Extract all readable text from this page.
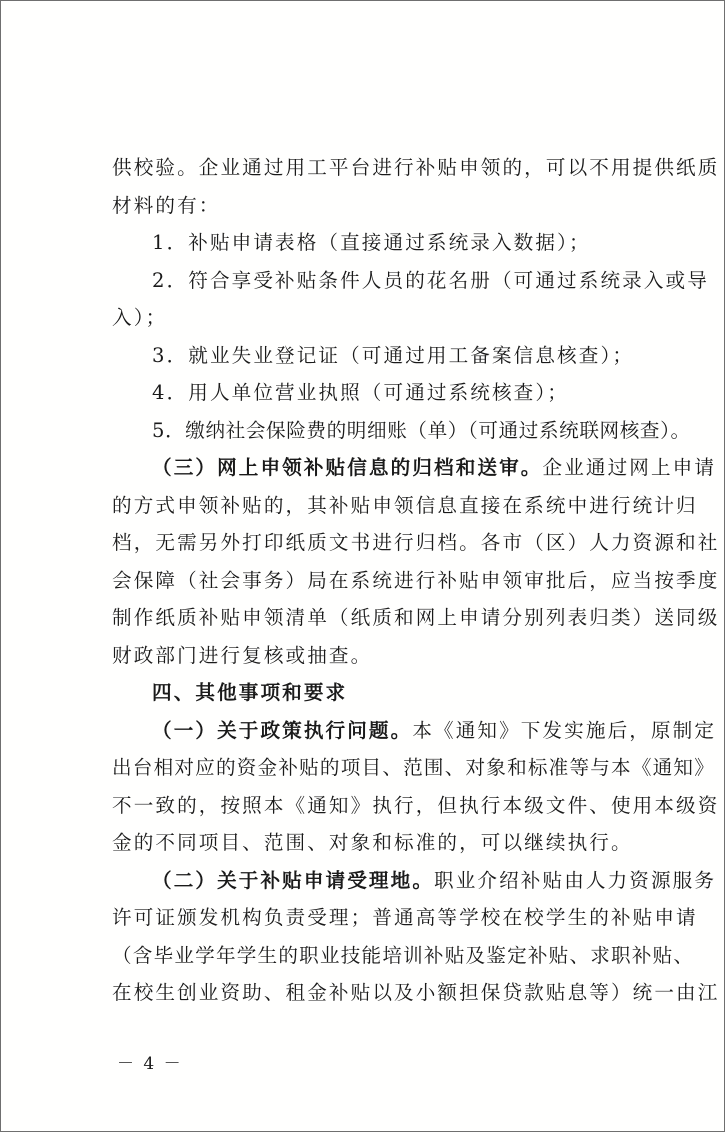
供校验。企业通过用工平台进行补贴申领的，可以不用提供纸质
材料的有：
1．补贴申请表格（直接通过系统录入数据）；
2．符合享受补贴条件人员的花名册（可通过系统录入或导
入）；
3．就业失业登记证（可通过用工备案信息核查）；
4．用人单位营业执照（可通过系统核查）；
5．缴纳社会保险费的明细账（单）（可通过系统联网核查）。
（三）网上申领补贴信息的归档和送审。企业通过网上申请
的方式申领补贴的，其补贴申领信息直接在系统中进行统计归
档，无需另外打印纸质文书进行归档。各市（区）人力资源和社
会保障（社会事务）局在系统进行补贴申领审批后，应当按季度
制作纸质补贴申领清单（纸质和网上申请分别列表归类）送同级
财政部门进行复核或抽查。
四、其他事项和要求
（一）关于政策执行问题。本《通知》下发实施后，原制定
出台相对应的资金补贴的项目、范围、对象和标准等与本《通知》
不一致的，按照本《通知》执行，但执行本级文件、使用本级资
金的不同项目、范围、对象和标准的，可以继续执行。
（二）关于补贴申请受理地。职业介绍补贴由人力资源服务
许可证颁发机构负责受理；普通高等学校在校学生的补贴申请
（含毕业学年学生的职业技能培训补贴及鉴定补贴、求职补贴、
在校生创业资助、租金补贴以及小额担保贷款贴息等）统一由江
－ 4 －
